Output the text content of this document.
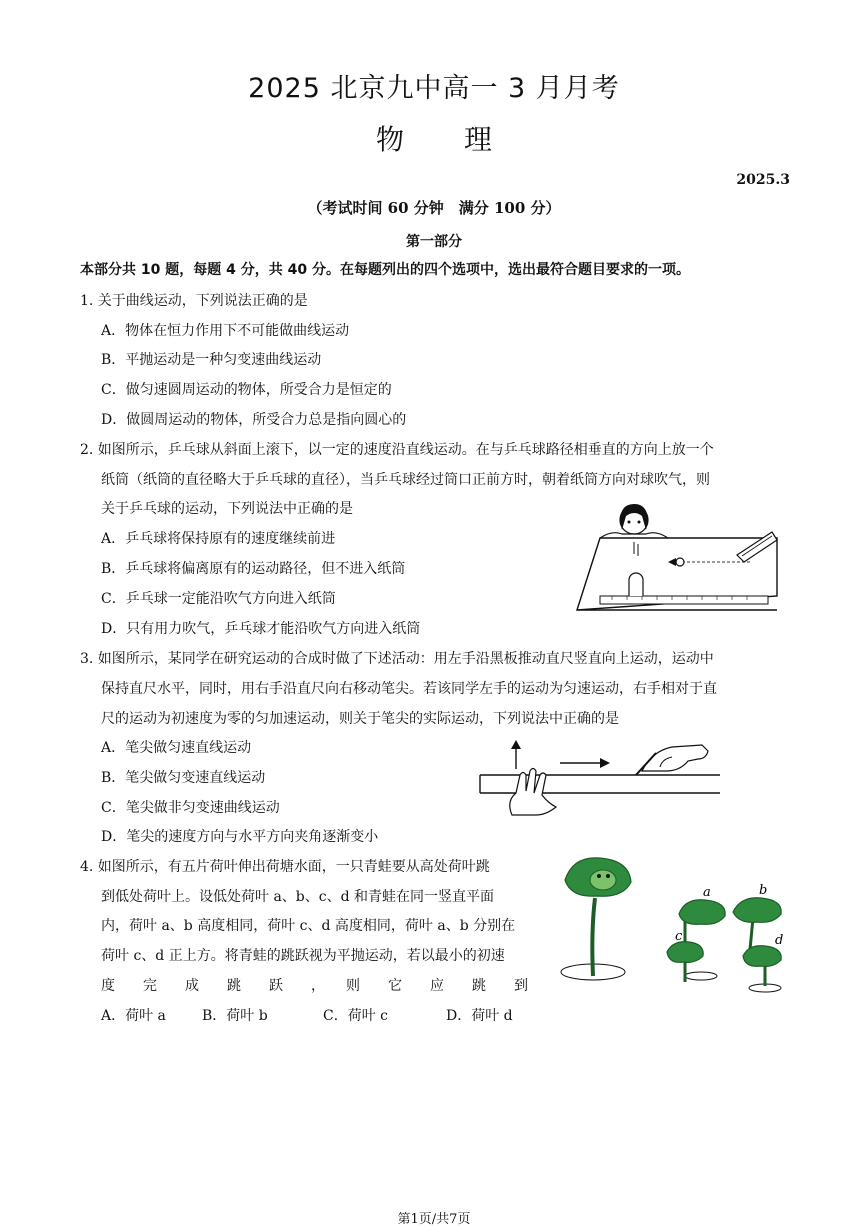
2025 北京九中高一 3 月月考
物理
2025.3
（考试时间 60 分钟　满分 100 分）
第一部分
本部分共 10 题，每题 4 分，共 40 分。在每题列出的四个选项中，选出最符合题目要求的一项。
1. 关于曲线运动，下列说法正确的是
A．物体在恒力作用下不可能做曲线运动
B．平抛运动是一种匀变速曲线运动
C．做匀速圆周运动的物体，所受合力是恒定的
D．做圆周运动的物体，所受合力总是指向圆心的
2. 如图所示，乒乓球从斜面上滚下，以一定的速度沿直线运动。在与乒乓球路径相垂直的方向上放一个
纸筒（纸筒的直径略大于乒乓球的直径），当乒乓球经过筒口正前方时，朝着纸筒方向对球吹气，则
关于乒乓球的运动，下列说法中正确的是
A．乒乓球将保持原有的速度继续前进
B．乒乓球将偏离原有的运动路径，但不进入纸筒
C．乒乓球一定能沿吹气方向进入纸筒
D．只有用力吹气，乒乓球才能沿吹气方向进入纸筒
3. 如图所示，某同学在研究运动的合成时做了下述活动：用左手沿黑板推动直尺竖直向上运动，运动中
保持直尺水平，同时，用右手沿直尺向右移动笔尖。若该同学左手的运动为匀速运动，右手相对于直
尺的运动为初速度为零的匀加速运动，则关于笔尖的实际运动，下列说法中正确的是
A．笔尖做匀速直线运动
B．笔尖做匀变速直线运动
C．笔尖做非匀变速曲线运动
D．笔尖的速度方向与水平方向夹角逐渐变小
4. 如图所示，有五片荷叶伸出荷塘水面，一只青蛙要从高处荷叶跳
到低处荷叶上。设低处荷叶 a、b、c、d 和青蛙在同一竖直平面
内，荷叶 a、b 高度相同，荷叶 c、d 高度相同，荷叶 a、b 分别在
荷叶 c、d 正上方。将青蛙的跳跃视为平抛运动，若以最小的初速
度　　完　　成　　跳　　跃　　，　　则　　它　　应　　跳　　到
A．荷叶 a	B．荷叶 b	C．荷叶 c	D．荷叶 d
a	b
c	d
第1页/共7页
